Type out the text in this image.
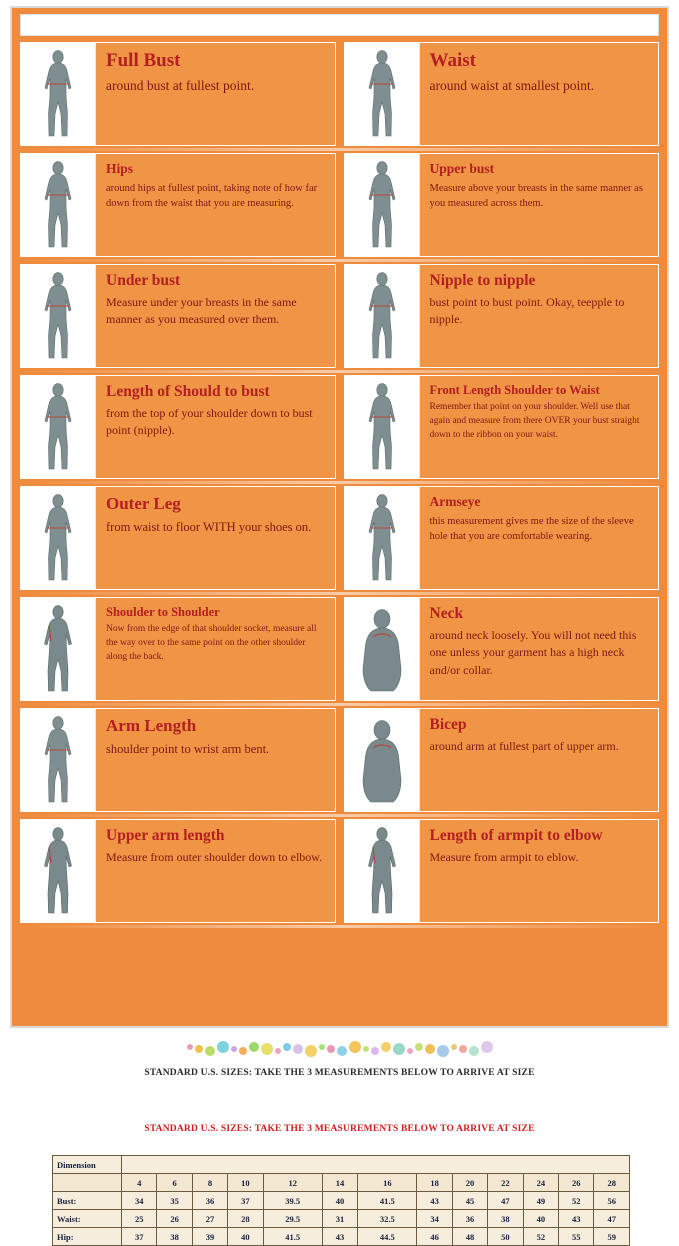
Full Bust
around bust at fullest point.
Waist
around waist at smallest point.
Hips
around hips at fullest point, taking note of how far down from the waist that you are measuring.
Upper bust
Measure above your breasts in the same manner as you measured across them.
Under bust
Measure under your breasts in the same manner as you measured over them.
Nipple to nipple
bust point to bust point. Okay, teepple to nipple.
Length of Should to bust
from the top of your shoulder down to bust point (nipple).
Front Length Shoulder to Waist
Remember that point on your shoulder. Well use that again and measure from there OVER your bust straight down to the ribbon on your waist.
Outer Leg
from waist to floor WITH your shoes on.
Armseye
this measurement gives me the size of the sleeve hole that you are comfortable wearing.
Shoulder to Shoulder
Now from the edge of that shoulder socket, measure all the way over to the same point on the other shoulder along the back.
Neck
around neck loosely. You will not need this one unless your garment has a high neck and/or collar.
Arm Length
shoulder point to wrist arm bent.
Bicep
around arm at fullest part of upper arm.
Upper arm length
Measure from outer shoulder down to elbow.
Length of armpit to elbow
Measure from armpit to eblow.
STANDARD U.S. SIZES: TAKE THE 3 MEASUREMENTS BELOW TO ARRIVE AT SIZE
STANDARD U.S. SIZES: TAKE THE 3 MEASUREMENTS BELOW TO ARRIVE AT SIZE
Dimension													
	4	6	8	10	12	14	16	18	20	22	24	26	28
Bust:	34	35	36	37	39.5	40	41.5	43	45	47	49	52	56
Waist:	25	26	27	28	29.5	31	32.5	34	36	38	40	43	47
Hip:	37	38	39	40	41.5	43	44.5	46	48	50	52	55	59
